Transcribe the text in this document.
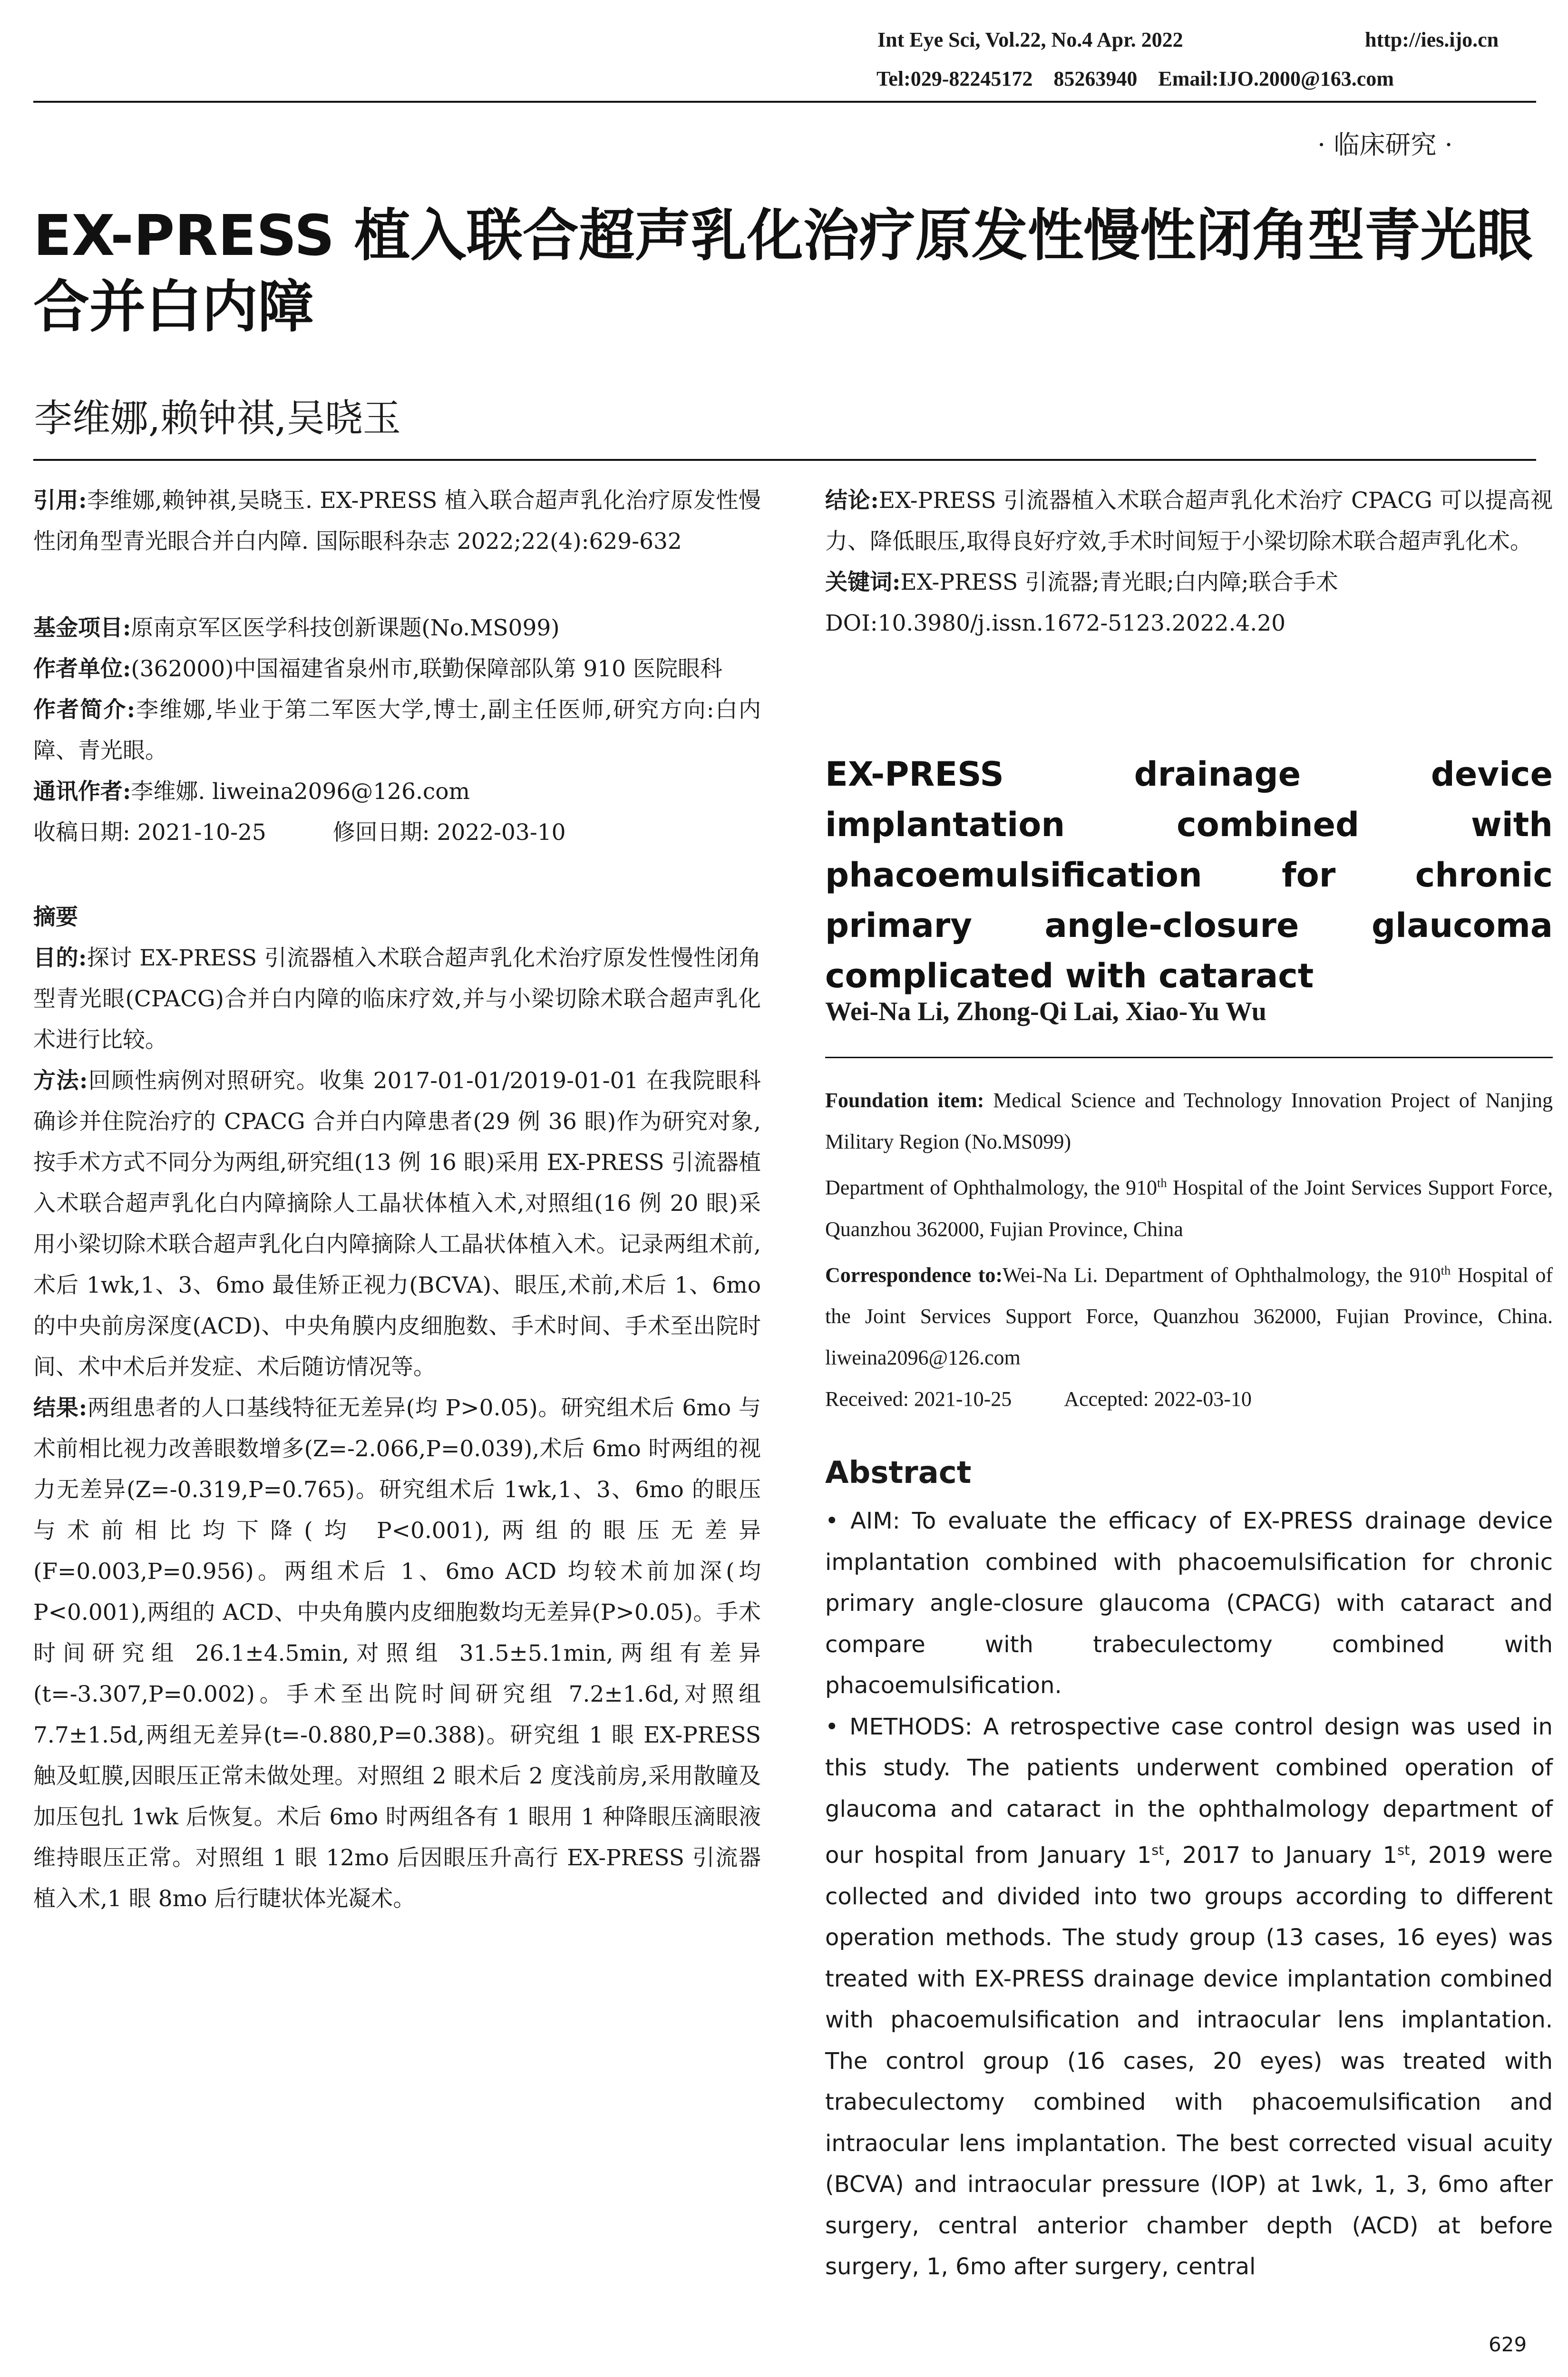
Int Eye Sci, Vol.22, No.4 Apr. 2022	http://ies.ijo.cn
Tel:029-82245172    85263940    Email:IJO.2000@163.com
· 临床研究 ·
EX-PRESS 植入联合超声乳化治疗原发性慢性闭角型青光眼合并白内障
李维娜,赖钟祺,吴晓玉

引用:李维娜,赖钟祺,吴晓玉. EX-PRESS 植入联合超声乳化治疗原发性慢性闭角型青光眼合并白内障. 国际眼科杂志 2022;22(4):629-632

基金项目:原南京军区医学科技创新课题(No.MS099)

作者单位:(362000)中国福建省泉州市,联勤保障部队第 910 医院眼科

作者简介:李维娜,毕业于第二军医大学,博士,副主任医师,研究方向:白内障、青光眼。

通讯作者:李维娜. liweina2096@126.com

收稿日期: 2021-10-25	修回日期: 2022-03-10

摘要

目的:探讨 EX-PRESS 引流器植入术联合超声乳化术治疗原发性慢性闭角型青光眼(CPACG)合并白内障的临床疗效,并与小梁切除术联合超声乳化术进行比较。

方法:回顾性病例对照研究。收集 2017-01-01/2019-01-01 在我院眼科确诊并住院治疗的 CPACG 合并白内障患者(29 例 36 眼)作为研究对象,按手术方式不同分为两组,研究组(13 例 16 眼)采用 EX-PRESS 引流器植入术联合超声乳化白内障摘除人工晶状体植入术,对照组(16 例 20 眼)采用小梁切除术联合超声乳化白内障摘除人工晶状体植入术。记录两组术前,术后 1wk,1、3、6mo 最佳矫正视力(BCVA)、眼压,术前,术后 1、6mo 的中央前房深度(ACD)、中央角膜内皮细胞数、手术时间、手术至出院时间、术中术后并发症、术后随访情况等。

结果:两组患者的人口基线特征无差异(均 P>0.05)。研究组术后 6mo 与术前相比视力改善眼数增多(Z=-2.066,P=0.039),术后 6mo 时两组的视力无差异(Z=-0.319,P=0.765)。研究组术后 1wk,1、3、6mo 的眼压与术前相比均下降(均 P<0.001),两组的眼压无差异(F=0.003,P=0.956)。两组术后 1、6mo ACD 均较术前加深(均 P<0.001),两组的 ACD、中央角膜内皮细胞数均无差异(P>0.05)。手术时间研究组 26.1±4.5min,对照组 31.5±5.1min,两组有差异(t=-3.307,P=0.002)。手术至出院时间研究组 7.2±1.6d,对照组 7.7±1.5d,两组无差异(t=-0.880,P=0.388)。研究组 1 眼 EX-PRESS 触及虹膜,因眼压正常未做处理。对照组 2 眼术后 2 度浅前房,采用散瞳及加压包扎 1wk 后恢复。术后 6mo 时两组各有 1 眼用 1 种降眼压滴眼液维持眼压正常。对照组 1 眼 12mo 后因眼压升高行 EX-PRESS 引流器植入术,1 眼 8mo 后行睫状体光凝术。

结论:EX-PRESS 引流器植入术联合超声乳化术治疗 CPACG 可以提高视力、降低眼压,取得良好疗效,手术时间短于小梁切除术联合超声乳化术。

关键词:EX-PRESS 引流器;青光眼;白内障;联合手术

DOI:10.3980/j.issn.1672-5123.2022.4.20

EX-PRESS drainage device implantation combined with phacoemulsification for chronic primary angle-closure glaucoma complicated with cataract
Wei-Na Li, Zhong-Qi Lai, Xiao-Yu Wu

Foundation item: Medical Science and Technology Innovation Project of Nanjing Military Region (No.MS099)

Department of Ophthalmology, the 910th Hospital of the Joint Services Support Force, Quanzhou 362000, Fujian Province, China

Correspondence to:Wei-Na Li. Department of Ophthalmology, the 910th Hospital of the Joint Services Support Force, Quanzhou 362000, Fujian Province, China. liweina2096@126.com

Received: 2021-10-25	Accepted: 2022-03-10

Abstract

• AIM: To evaluate the efficacy of EX-PRESS drainage device implantation combined with phacoemulsification for chronic primary angle-closure glaucoma (CPACG) with cataract and compare with trabeculectomy combined with phacoemulsification.

• METHODS: A retrospective case control design was used in this study. The patients underwent combined operation of glaucoma and cataract in the ophthalmology department of our hospital from January 1st, 2017 to January 1st, 2019 were collected and divided into two groups according to different operation methods. The study group (13 cases, 16 eyes) was treated with EX-PRESS drainage device implantation combined with phacoemulsification and intraocular lens implantation. The control group (16 cases, 20 eyes) was treated with trabeculectomy combined with phacoemulsification and intraocular lens implantation. The best corrected visual acuity (BCVA) and intraocular pressure (IOP) at 1wk, 1, 3, 6mo after surgery, central anterior chamber depth (ACD) at before surgery, 1, 6mo after surgery, central

629
